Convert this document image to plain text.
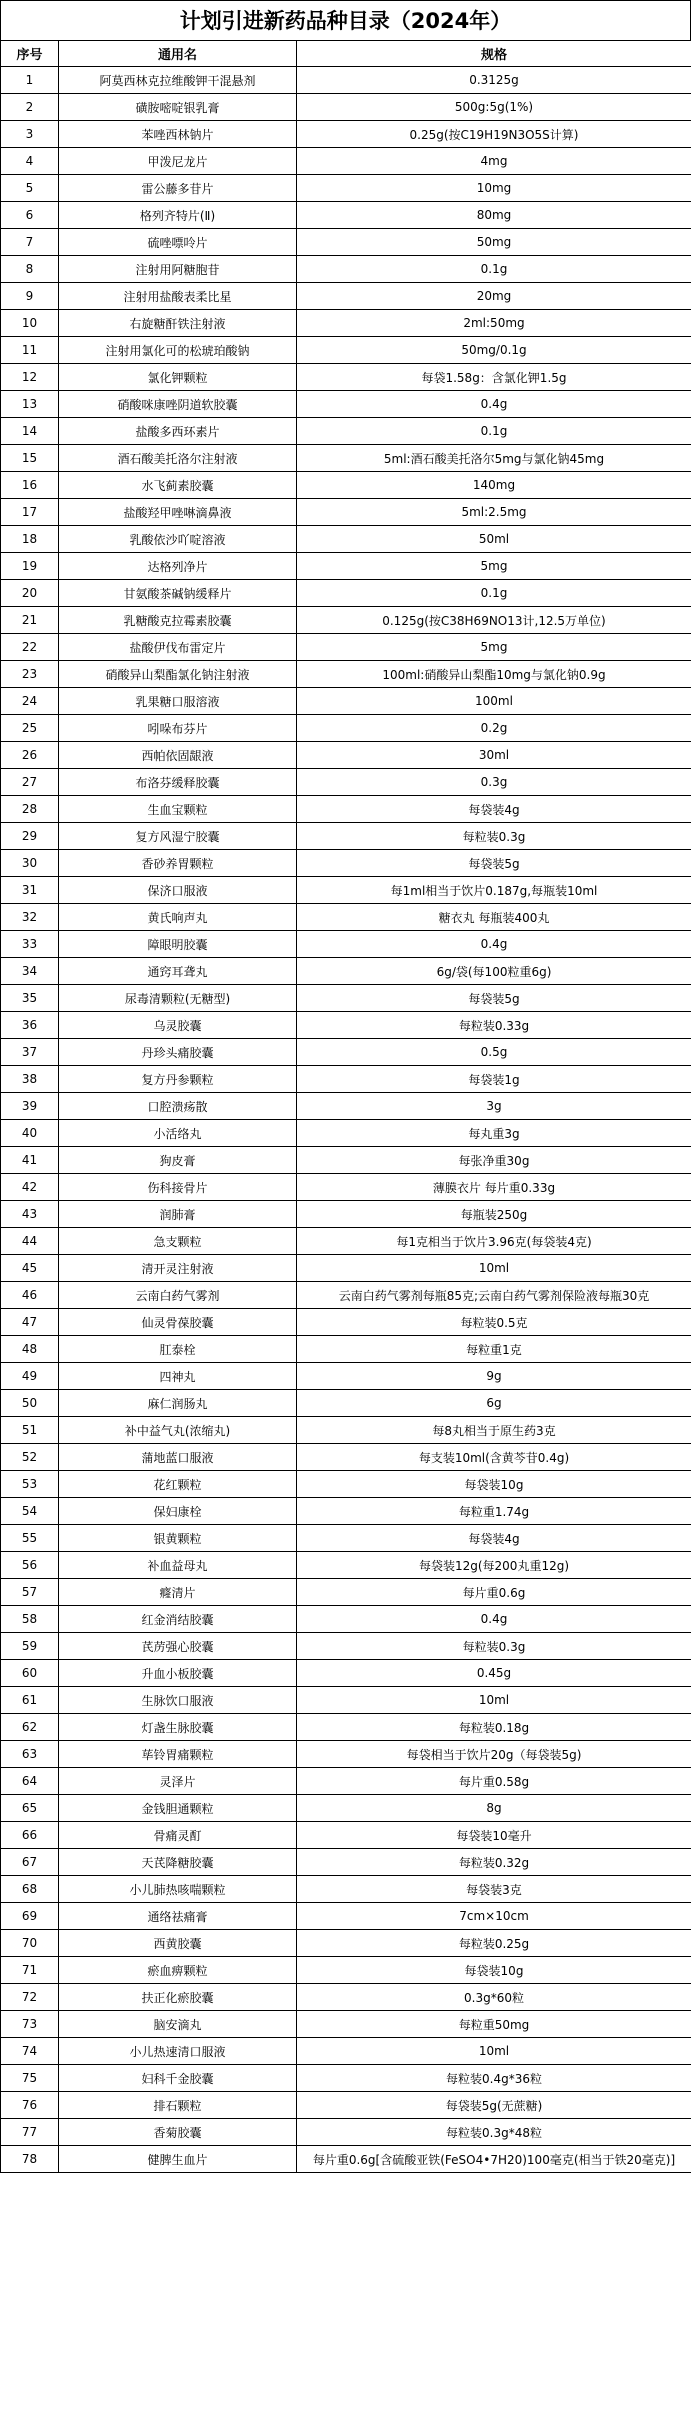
计划引进新药品种目录（2024年）
序号	通用名	规格
1	阿莫西林克拉维酸钾干混悬剂	0.3125g
2	磺胺嘧啶银乳膏	500g:5g(1%)
3	苯唑西林钠片	0.25g(按C19H19N3O5S计算)
4	甲泼尼龙片	4mg
5	雷公藤多苷片	10mg
6	格列齐特片(Ⅱ)	80mg
7	硫唑嘌呤片	50mg
8	注射用阿糖胞苷	0.1g
9	注射用盐酸表柔比星	20mg
10	右旋糖酐铁注射液	2ml:50mg
11	注射用氯化可的松琥珀酸钠	50mg/0.1g
12	氯化钾颗粒	每袋1.58g：含氯化钾1.5g
13	硝酸咪康唑阴道软胶囊	0.4g
14	盐酸多西环素片	0.1g
15	酒石酸美托洛尔注射液	5ml:酒石酸美托洛尔5mg与氯化钠45mg
16	水飞蓟素胶囊	140mg
17	盐酸羟甲唑啉滴鼻液	5ml:2.5mg
18	乳酸依沙吖啶溶液	50ml
19	达格列净片	5mg
20	甘氨酸茶碱钠缓释片	0.1g
21	乳糖酸克拉霉素胶囊	0.125g(按C38H69NO13计,12.5万单位)
22	盐酸伊伐布雷定片	5mg
23	硝酸异山梨酯氯化钠注射液	100ml:硝酸异山梨酯10mg与氯化钠0.9g
24	乳果糖口服溶液	100ml
25	吲哚布芬片	0.2g
26	西帕依固龈液	30ml
27	布洛芬缓释胶囊	0.3g
28	生血宝颗粒	每袋装4g
29	复方风湿宁胶囊	每粒装0.3g
30	香砂养胃颗粒	每袋装5g
31	保济口服液	每1ml相当于饮片0.187g,每瓶装10ml
32	黄氏响声丸	糖衣丸 每瓶装400丸
33	障眼明胶囊	0.4g
34	通窍耳聋丸	6g/袋(每100粒重6g)
35	尿毒清颗粒(无糖型)	每袋装5g
36	乌灵胶囊	每粒装0.33g
37	丹珍头痛胶囊	0.5g
38	复方丹参颗粒	每袋装1g
39	口腔溃疡散	3g
40	小活络丸	每丸重3g
41	狗皮膏	每张净重30g
42	伤科接骨片	薄膜衣片 每片重0.33g
43	润肺膏	每瓶装250g
44	急支颗粒	每1克相当于饮片3.96克(每袋装4克)
45	清开灵注射液	10ml
46	云南白药气雾剂	云南白药气雾剂每瓶85克;云南白药气雾剂保险液每瓶30克
47	仙灵骨葆胶囊	每粒装0.5克
48	肛泰栓	每粒重1克
49	四神丸	9g
50	麻仁润肠丸	6g
51	补中益气丸(浓缩丸)	每8丸相当于原生药3克
52	蒲地蓝口服液	每支装10ml(含黄芩苷0.4g)
53	花红颗粒	每袋装10g
54	保妇康栓	每粒重1.74g
55	银黄颗粒	每袋装4g
56	补血益母丸	每袋装12g(每200丸重12g)
57	癃清片	每片重0.6g
58	红金消结胶囊	0.4g
59	芪苈强心胶囊	每粒装0.3g
60	升血小板胶囊	0.45g
61	生脉饮口服液	10ml
62	灯盏生脉胶囊	每粒装0.18g
63	荜铃胃痛颗粒	每袋相当于饮片20g（每袋装5g)
64	灵泽片	每片重0.58g
65	金钱胆通颗粒	8g
66	骨痛灵酊	每袋装10毫升
67	天芪降糖胶囊	每粒装0.32g
68	小儿肺热咳喘颗粒	每袋装3克
69	通络祛痛膏	7cm×10cm
70	西黄胶囊	每粒装0.25g
71	瘀血痹颗粒	每袋装10g
72	扶正化瘀胶囊	0.3g*60粒
73	脑安滴丸	每粒重50mg
74	小儿热速清口服液	10ml
75	妇科千金胶囊	每粒装0.4g*36粒
76	排石颗粒	每袋装5g(无蔗糖)
77	香菊胶囊	每粒装0.3g*48粒
78	健脾生血片	每片重0.6g[含硫酸亚铁(FeSO4•7H20)100毫克(相当于铁20毫克)]
